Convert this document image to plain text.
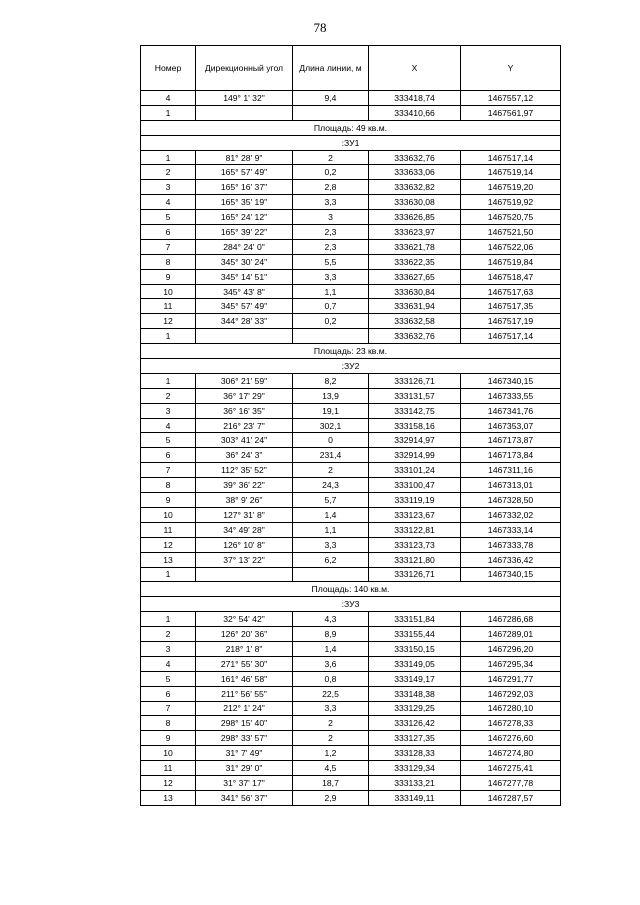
78
Номер	Дирекционный угол	Длина линии, м	X	Y
4	149° 1' 32"	9,4	333418,74	1467557,12
1			333410,66	1467561,97
Площадь: 49 кв.м.				
:ЗУ1				
1	81° 28' 9"	2	333632,76	1467517,14
2	165° 57' 49"	0,2	333633,06	1467519,14
3	165° 16' 37"	2,8	333632,82	1467519,20
4	165° 35' 19"	3,3	333630,08	1467519,92
5	165° 24' 12"	3	333626,85	1467520,75
6	165° 39' 22"	2,3	333623,97	1467521,50
7	284° 24' 0"	2,3	333621,78	1467522,06
8	345° 30' 24"	5,5	333622,35	1467519,84
9	345° 14' 51"	3,3	333627,65	1467518,47
10	345° 43' 8"	1,1	333630,84	1467517,63
11	345° 57' 49"	0,7	333631,94	1467517,35
12	344° 28' 33"	0,2	333632,58	1467517,19
1			333632,76	1467517,14
Площадь: 23 кв.м.				
:ЗУ2				
1	306° 21' 59"	8,2	333126,71	1467340,15
2	36° 17' 29"	13,9	333131,57	1467333,55
3	36° 16' 35"	19,1	333142,75	1467341,76
4	216° 23' 7"	302,1	333158,16	1467353,07
5	303° 41' 24"	0	332914,97	1467173,87
6	36° 24' 3"	231,4	332914,99	1467173,84
7	112° 35' 52"	2	333101,24	1467311,16
8	39° 36' 22"	24,3	333100,47	1467313,01
9	38° 9' 26"	5,7	333119,19	1467328,50
10	127° 31' 8"	1,4	333123,67	1467332,02
11	34° 49' 28"	1,1	333122,81	1467333,14
12	126° 10' 8"	3,3	333123,73	1467333,78
13	37° 13' 22"	6,2	333121,80	1467336,42
1			333126,71	1467340,15
Площадь: 140 кв.м.				
:ЗУ3				
1	32° 54' 42"	4,3	333151,84	1467286,68
2	126° 20' 36"	8,9	333155,44	1467289,01
3	218° 1' 8"	1,4	333150,15	1467296,20
4	271° 55' 30"	3,6	333149,05	1467295,34
5	161° 46' 58"	0,8	333149,17	1467291,77
6	211° 56' 55"	22,5	333148,38	1467292,03
7	212° 1' 24"	3,3	333129,25	1467280,10
8	298° 15' 40"	2	333126,42	1467278,33
9	298° 33' 57"	2	333127,35	1467276,60
10	31° 7' 49"	1,2	333128,33	1467274,80
11	31° 29' 0"	4,5	333129,34	1467275,41
12	31° 37' 17"	18,7	333133,21	1467277,78
13	341° 56' 37"	2,9	333149,11	1467287,57
